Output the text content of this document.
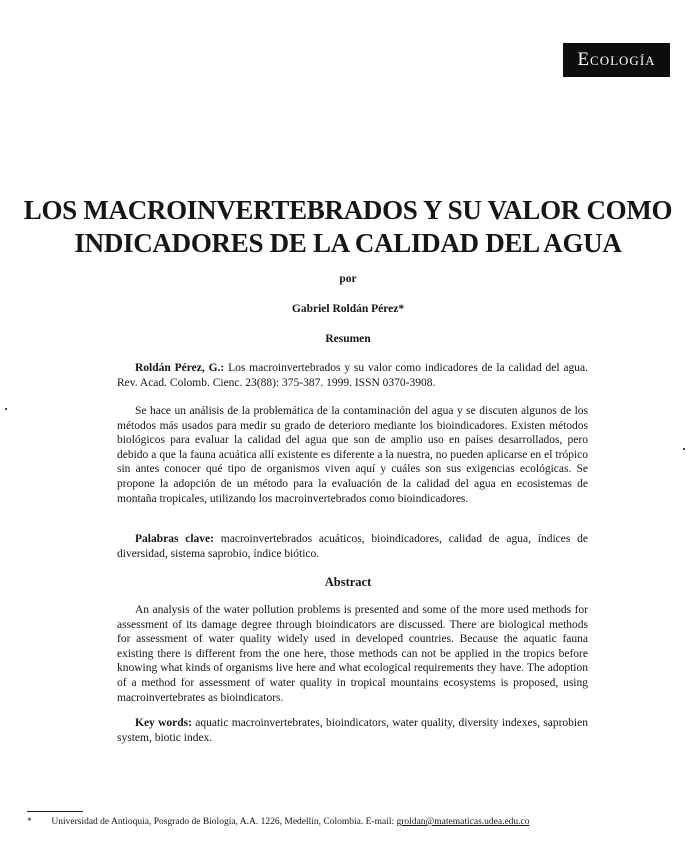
Ecología
LOS MACROINVERTEBRADOS Y SU VALOR COMO
INDICADORES DE LA CALIDAD DEL AGUA
por
Gabriel Roldán Pérez*
Resumen

Roldán Pérez, G.: Los macroinvertebrados y su valor como indicadores de la calidad del agua. Rev. Acad. Colomb. Cienc. 23(88): 375-387. 1999. ISSN 0370-3908.

Se hace un análisis de la problemática de la contaminación del agua y se discuten algunos de los métodos más usados para medir su grado de deterioro mediante los bioindicadores. Existen métodos biológicos para evaluar la calidad del agua que son de amplio uso en países desarrollados, pero debido a que la fauna acuática allí existente es diferente a la nuestra, no pueden aplicarse en el trópico sin antes conocer qué tipo de organismos viven aquí y cuáles son sus exigencias ecológicas. Se propone la adopción de un método para la evaluación de la calidad del agua en ecosistemas de montaña tropicales, utilizando los macroinvertebrados como bioindicadores.

Palabras clave: macroinvertebrados acuáticos, bioindicadores, calidad de agua, índices de diversidad, sistema saprobio, índice biótico.

Abstract

An analysis of the water pollution problems is presented and some of the more used methods for assessment of its damage degree through bioindicators are discussed. There are biological methods for assessment of water quality widely used in developed countries. Because the aquatic fauna existing there is different from the one here, those methods can not be applied in the tropics before knowing what kinds of organisms live here and what ecological requirements they have. The adoption of a method for assessment of water quality in tropical mountains ecosystems is proposed, using macroinvertebrates as bioindicators.

Key words: aquatic macroinvertebrates, bioindicators, water quality, diversity indexes, saprobien system, biotic index.

* Universidad de Antioquia, Posgrado de Biología, A.A. 1226, Medellín, Colombia. E-mail: groldan@matematicas.udea.edu.co
